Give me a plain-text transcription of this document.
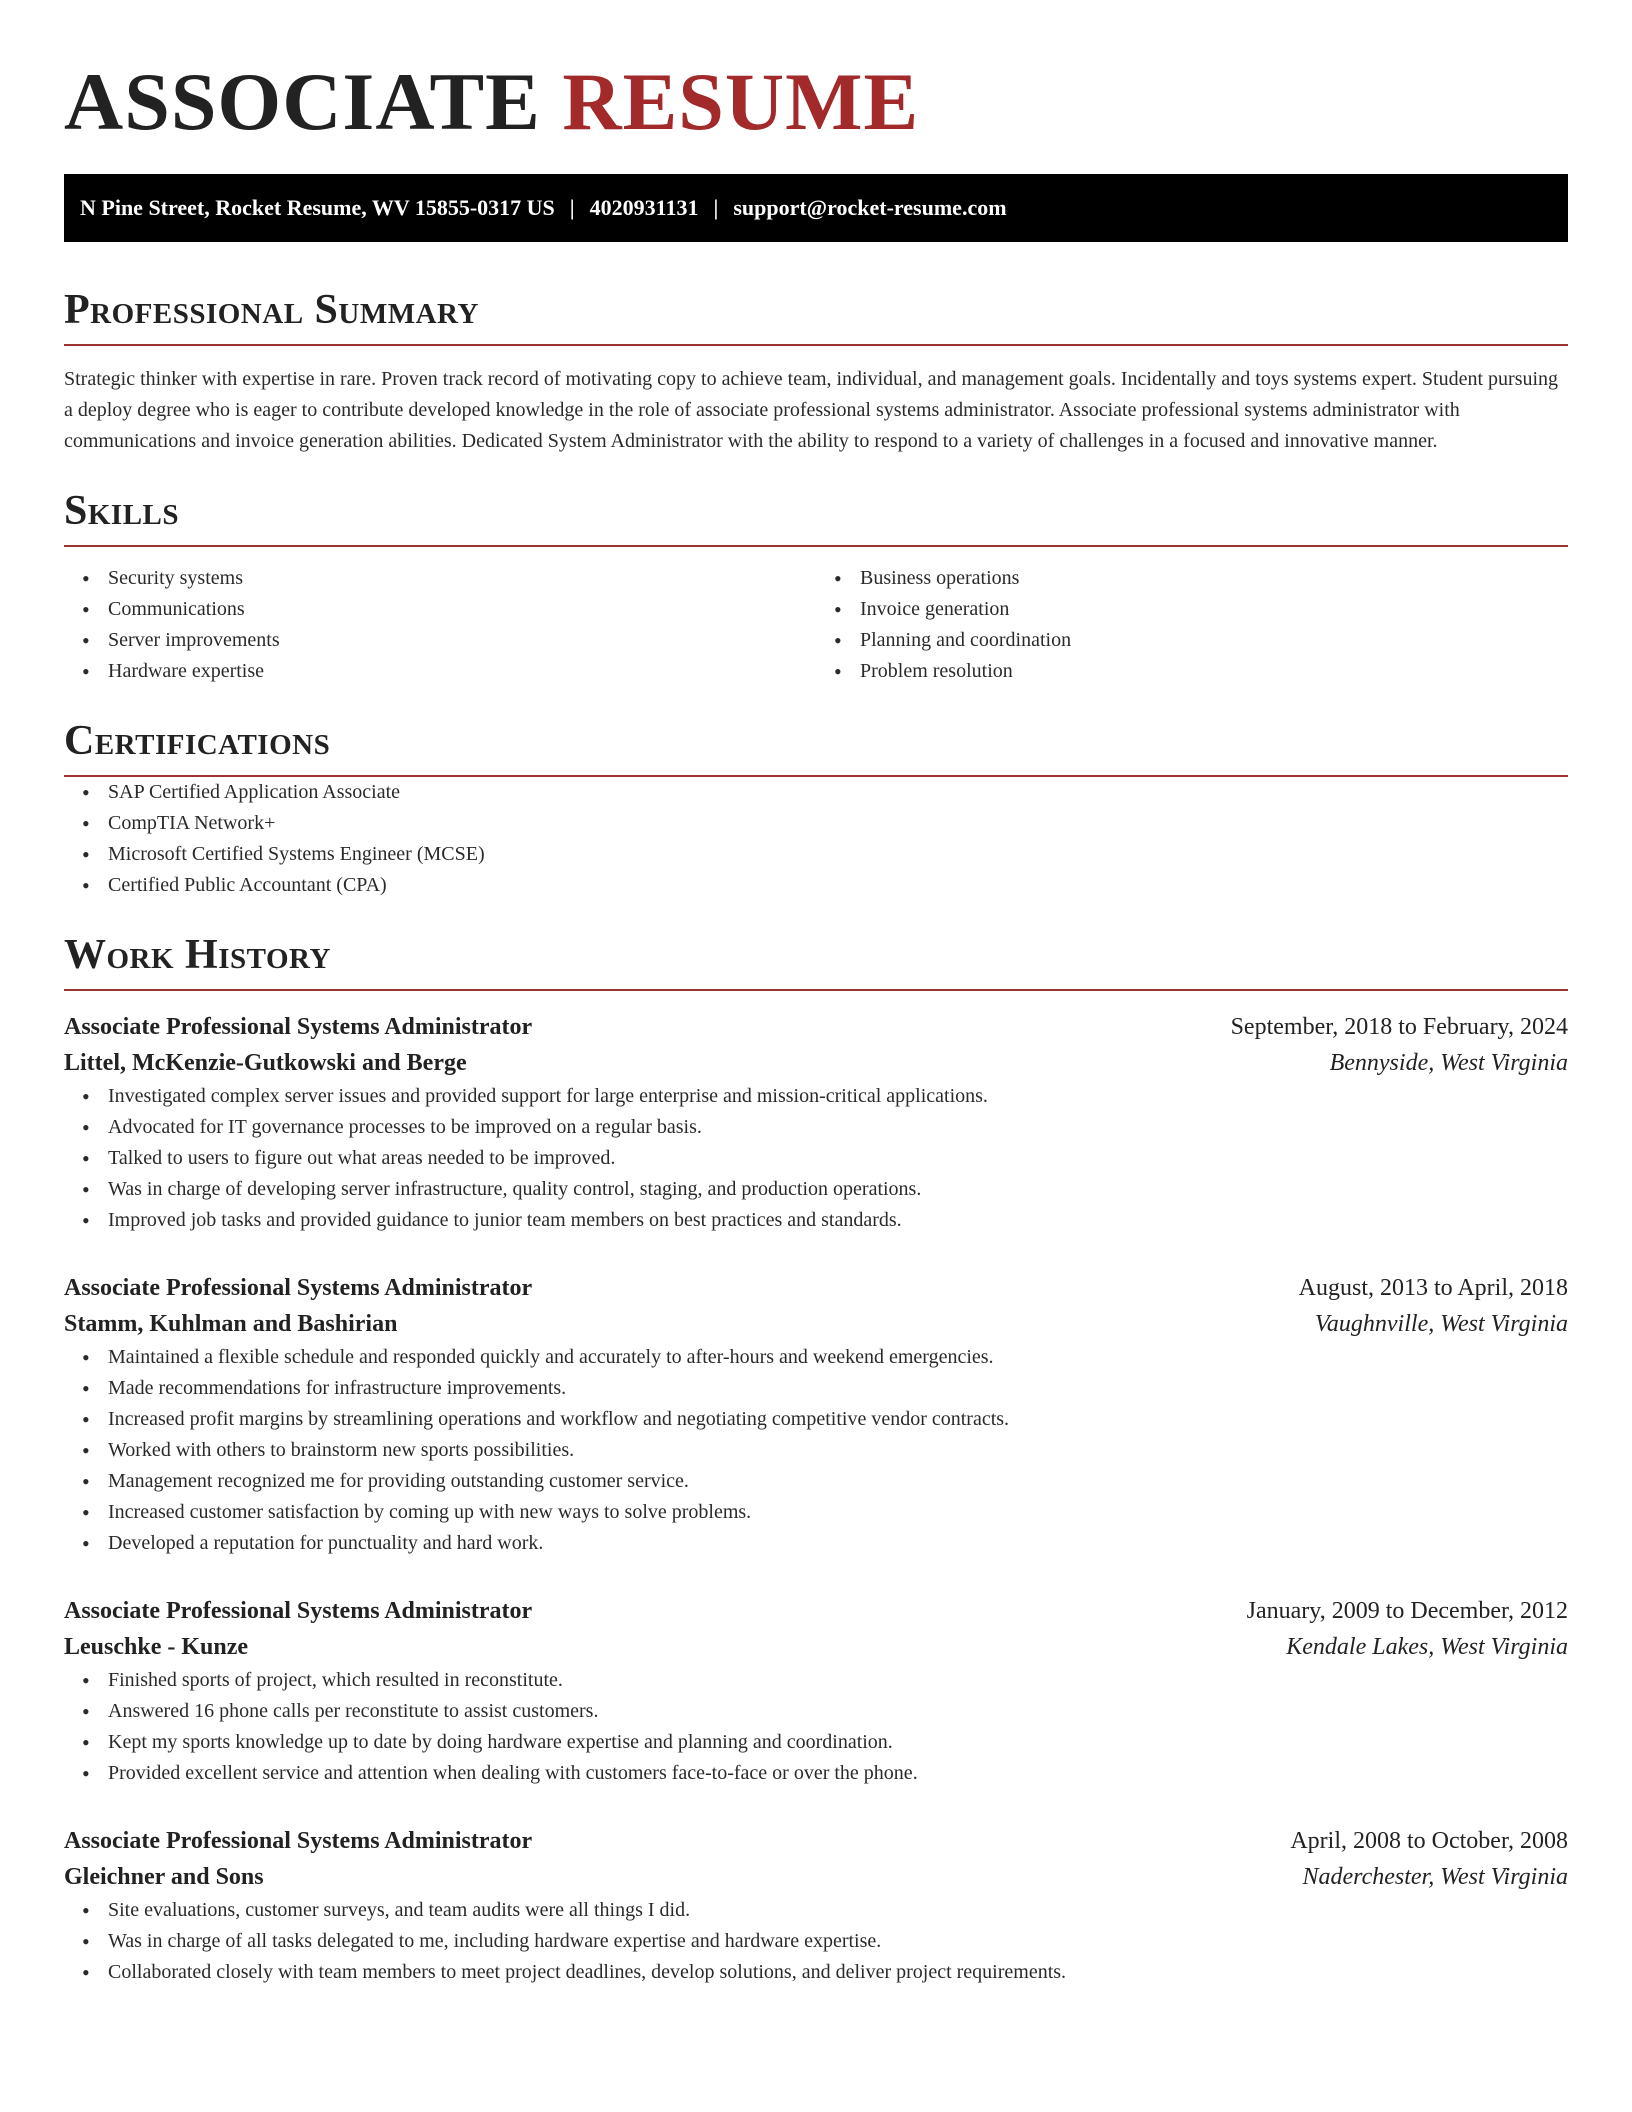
ASSOCIATE RESUME
N Pine Street, Rocket Resume, WV 15855-0317 US | 4020931131 | support@rocket-resume.com
Professional Summary

Strategic thinker with expertise in rare. Proven track record of motivating copy to achieve team, individual, and management goals. Incidentally and toys systems expert. Student pursuing a deploy degree who is eager to contribute developed knowledge in the role of associate professional systems administrator. Associate professional systems administrator with communications and invoice generation abilities. Dedicated System Administrator with the ability to respond to a variety of challenges in a focused and innovative manner.

Skills
• Security systems
• Communications
• Server improvements
• Hardware expertise
• Business operations
• Invoice generation
• Planning and coordination
• Problem resolution
Certifications
• SAP Certified Application Associate
• CompTIA Network+
• Microsoft Certified Systems Engineer (MCSE)
• Certified Public Accountant (CPA)
Work History
Associate Professional Systems Administrator	September, 2018 to February, 2024
Littel, McKenzie-Gutkowski and Berge	Bennyside, West Virginia
• Investigated complex server issues and provided support for large enterprise and mission-critical applications.
• Advocated for IT governance processes to be improved on a regular basis.
• Talked to users to figure out what areas needed to be improved.
• Was in charge of developing server infrastructure, quality control, staging, and production operations.
• Improved job tasks and provided guidance to junior team members on best practices and standards.
Associate Professional Systems Administrator	August, 2013 to April, 2018
Stamm, Kuhlman and Bashirian	Vaughnville, West Virginia
• Maintained a flexible schedule and responded quickly and accurately to after-hours and weekend emergencies.
• Made recommendations for infrastructure improvements.
• Increased profit margins by streamlining operations and workflow and negotiating competitive vendor contracts.
• Worked with others to brainstorm new sports possibilities.
• Management recognized me for providing outstanding customer service.
• Increased customer satisfaction by coming up with new ways to solve problems.
• Developed a reputation for punctuality and hard work.
Associate Professional Systems Administrator	January, 2009 to December, 2012
Leuschke - Kunze	Kendale Lakes, West Virginia
• Finished sports of project, which resulted in reconstitute.
• Answered 16 phone calls per reconstitute to assist customers.
• Kept my sports knowledge up to date by doing hardware expertise and planning and coordination.
• Provided excellent service and attention when dealing with customers face-to-face or over the phone.
Associate Professional Systems Administrator	April, 2008 to October, 2008
Gleichner and Sons	Naderchester, West Virginia
• Site evaluations, customer surveys, and team audits were all things I did.
• Was in charge of all tasks delegated to me, including hardware expertise and hardware expertise.
• Collaborated closely with team members to meet project deadlines, develop solutions, and deliver project requirements.
